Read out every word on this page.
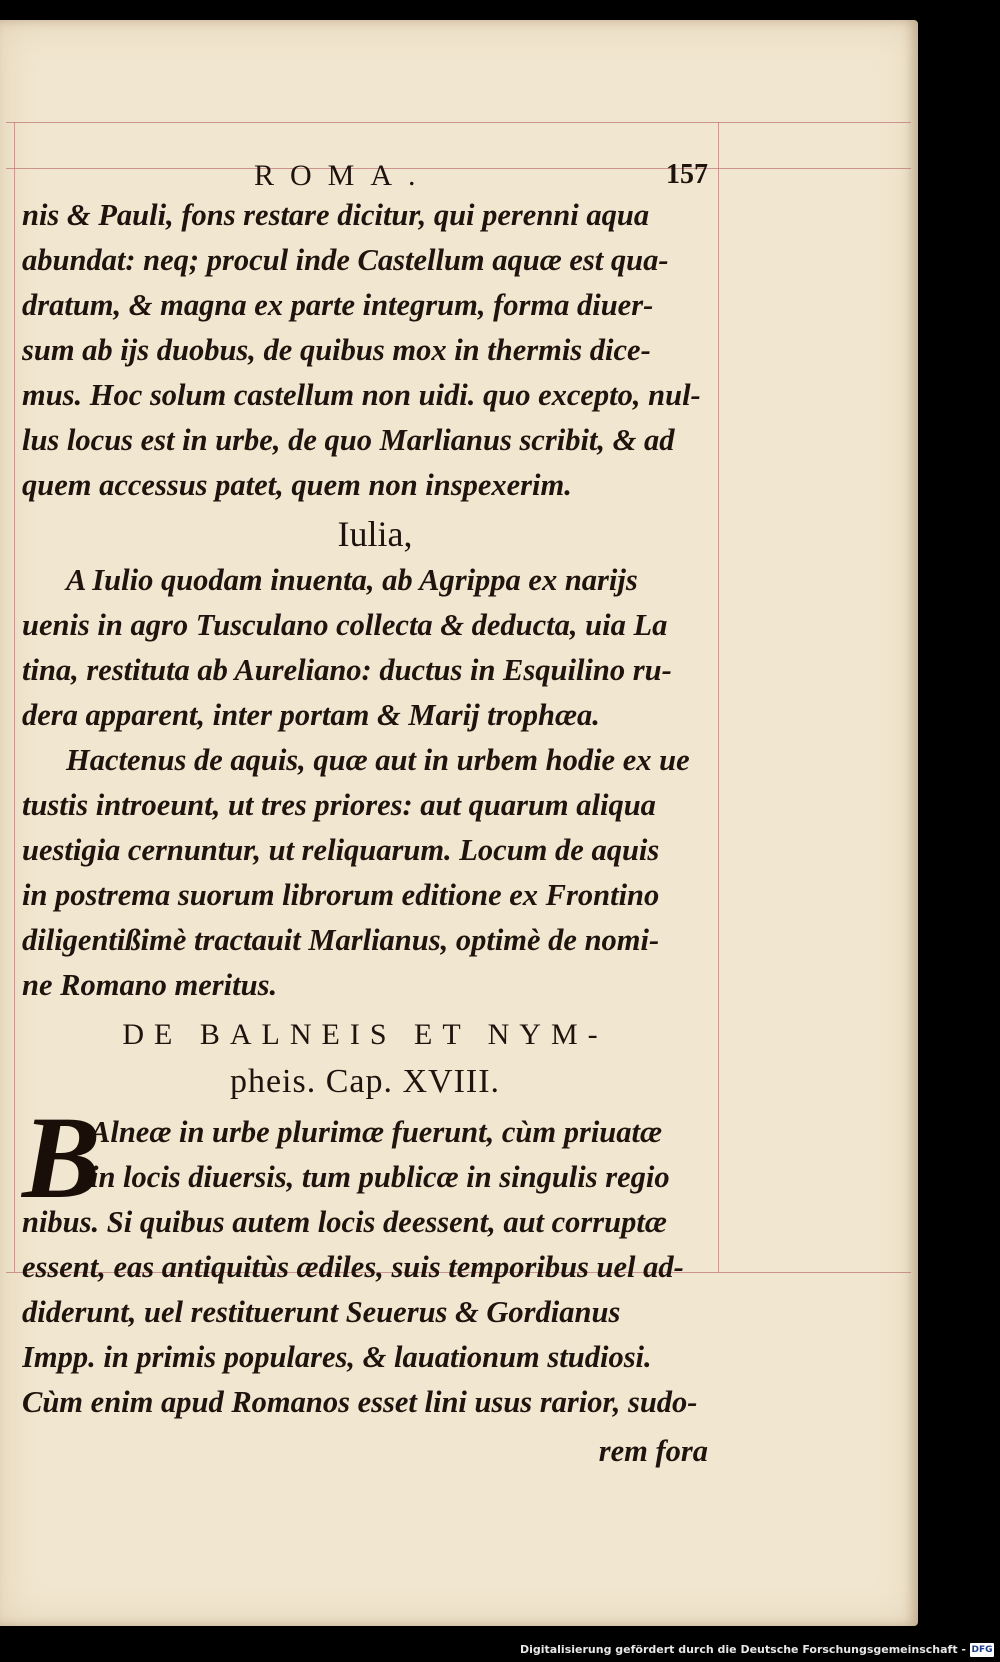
ROMA.	157
nis & Pauli, fons restare dicitur, qui perenni aqua
abundat: neq; procul inde Castellum aquæ est qua-
dratum, & magna ex parte integrum, forma diuer-
sum ab ijs duobus, de quibus mox in thermis dice-
mus. Hoc solum castellum non uidi. quo excepto, nul-
lus locus est in urbe, de quo Marlianus scribit, & ad
quem accessus patet, quem non inspexerim.
Iulia,
A Iulio quodam inuenta, ab Agrippa ex narijs
uenis in agro Tusculano collecta & deducta, uia La
tina, restituta ab Aureliano: ductus in Esquilino ru-
dera apparent, inter portam & Marij trophæa.
Hactenus de aquis, quæ aut in urbem hodie ex ue
tustis introeunt, ut tres priores: aut quarum aliqua
uestigia cernuntur, ut reliquarum. Locum de aquis
in postrema suorum librorum editione ex Frontino
diligentißimè tractauit Marlianus, optimè de nomi-
ne Romano meritus.
DE BALNEIS ET NYM-
pheis. Cap. XVIII.
B
Alneæ in urbe plurimæ fuerunt, cùm priuatæ
in locis diuersis, tum publicæ in singulis regio
nibus. Si quibus autem locis deessent, aut corruptæ
essent, eas antiquitùs ædiles, suis temporibus uel ad-
diderunt, uel restituerunt Seuerus & Gordianus
Impp. in primis populares, & lauationum studiosi.
Cùm enim apud Romanos esset lini usus rarior, sudo-
rem fora
Digitalisierung gefördert durch die Deutsche Forschungsgemeinschaft - DFG
